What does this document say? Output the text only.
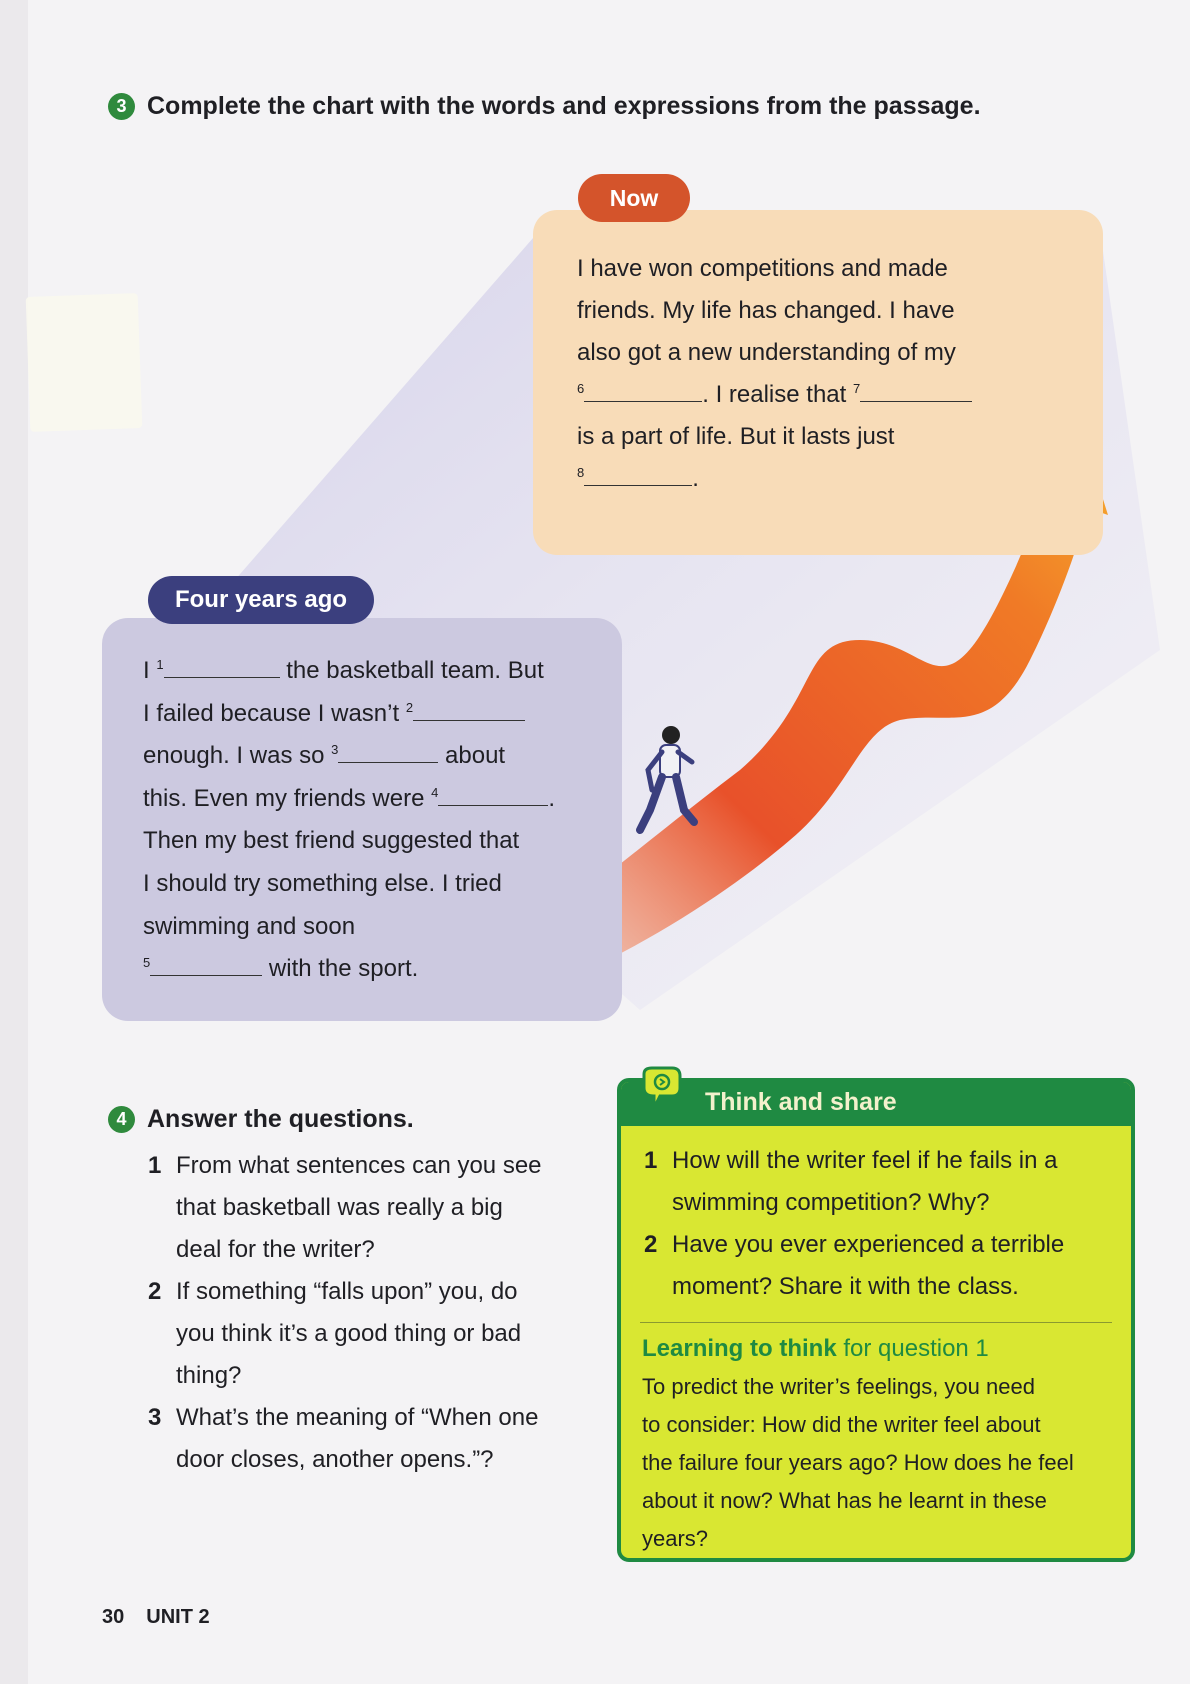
3 Complete the chart with the words and expressions from the passage.
Now
I have won competitions and made
friends. My life has changed. I have
also got a new understanding of my
$^6$	. I realise that $^7$
is a part of life. But it lasts just
$^8$	.
Four years ago
I $^1$	the basketball team. But
I failed because I wasn’t $^2$
enough. I was so $^3$	about
this. Even my friends were $^4$	.
Then my best friend suggested that
I should try something else. I tried
swimming and soon
$^5$	with the sport.
4 Answer the questions.
1 From what sentences can you see
that basketball was really a big
deal for the writer?
2 If something “falls upon” you, do
you think it’s a good thing or bad
thing?
3 What’s the meaning of “When one
door closes, another opens.”?
Think and share
1 How will the writer feel if he fails in a
swimming competition? Why?
2 Have you ever experienced a terrible
moment? Share it with the class.
Learning to think for question 1
To predict the writer’s feelings, you need
to consider: How did the writer feel about
the failure four years ago? How does he feel
about it now? What has he learnt in these
years?
30 UNIT 2
